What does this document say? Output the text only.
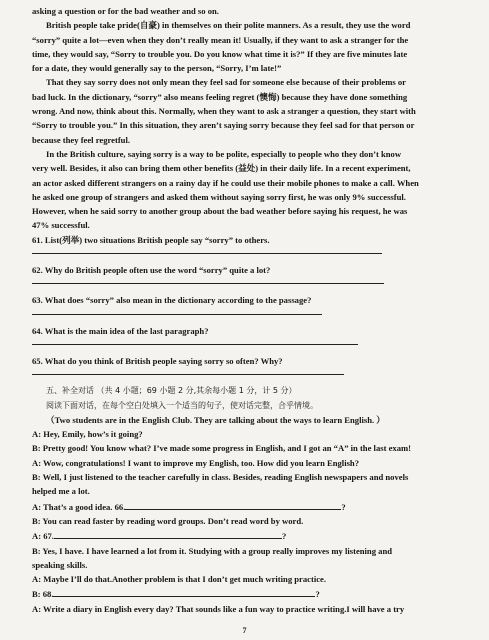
asking a question or for the bad weather and so on.
British people take pride(自豪) in themselves on their polite manners. As a result, they use the word
“sorry” quite a lot—even when they don’t really mean it! Usually, if they want to ask a stranger for the
time, they would say, “Sorry to trouble you. Do you know what time it is?” If they are five minutes late
for a date, they would generally say to the person, “Sorry, I’m late!”
That they say sorry does not only mean they feel sad for someone else because of their problems or
bad luck. In the dictionary, “sorry” also means feeling regret (懊悔) because they have done something
wrong. And now, think about this. Normally, when they want to ask a stranger a question, they start with
“Sorry to trouble you.” In this situation, they aren’t saying sorry because they feel sad for that person or
because they feel regretful.
In the British culture, saying sorry is a way to be polite, especially to people who they don’t know
very well. Besides, it also can bring them other benefits (益处) in their daily life. In a recent experiment,
an actor asked different strangers on a rainy day if he could use their mobile phones to make a call. When
he asked one group of strangers and asked them without saying sorry first, he was only 9% successful.
However, when he said sorry to another group about the bad weather before saying his request, he was
47% successful.
61. List(列举) two situations British people say “sorry” to others.
62. Why do British people often use the word “sorry” quite a lot?
63. What does “sorry” also mean in the dictionary according to the passage?
64. What is the main idea of the last paragraph?
65. What do you think of British people saying sorry so often? Why?
五、补全对话 （共 4 小题；69 小题 2 分,其余每小题 1 分，计 5 分）
阅读下面对话，在每个空白处填入一个适当的句子，使对话完整，合乎情境。
（Two students are in the English Club. They are talking about the ways to learn English. ）
A: Hey, Emily, how’s it going?
B: Pretty good! You know what? I’ve made some progress in English, and I got an “A” in the last exam!
A: Wow, congratulations! I want to improve my English, too. How did you learn English?
B: Well, I just listened to the teacher carefully in class. Besides, reading English newspapers and novels
helped me a lot.
A: That’s a good idea. 66.	?
B: You can read faster by reading word groups. Don’t read word by word.
A: 67.	?
B: Yes, I have. I have learned a lot from it. Studying with a group really improves my listening and
speaking skills.
A: Maybe I’ll do that.Another problem is that I don’t get much writing practice.
B: 68.	?
A: Write a diary in English every day? That sounds like a fun way to practice writing.I will have a try
7
